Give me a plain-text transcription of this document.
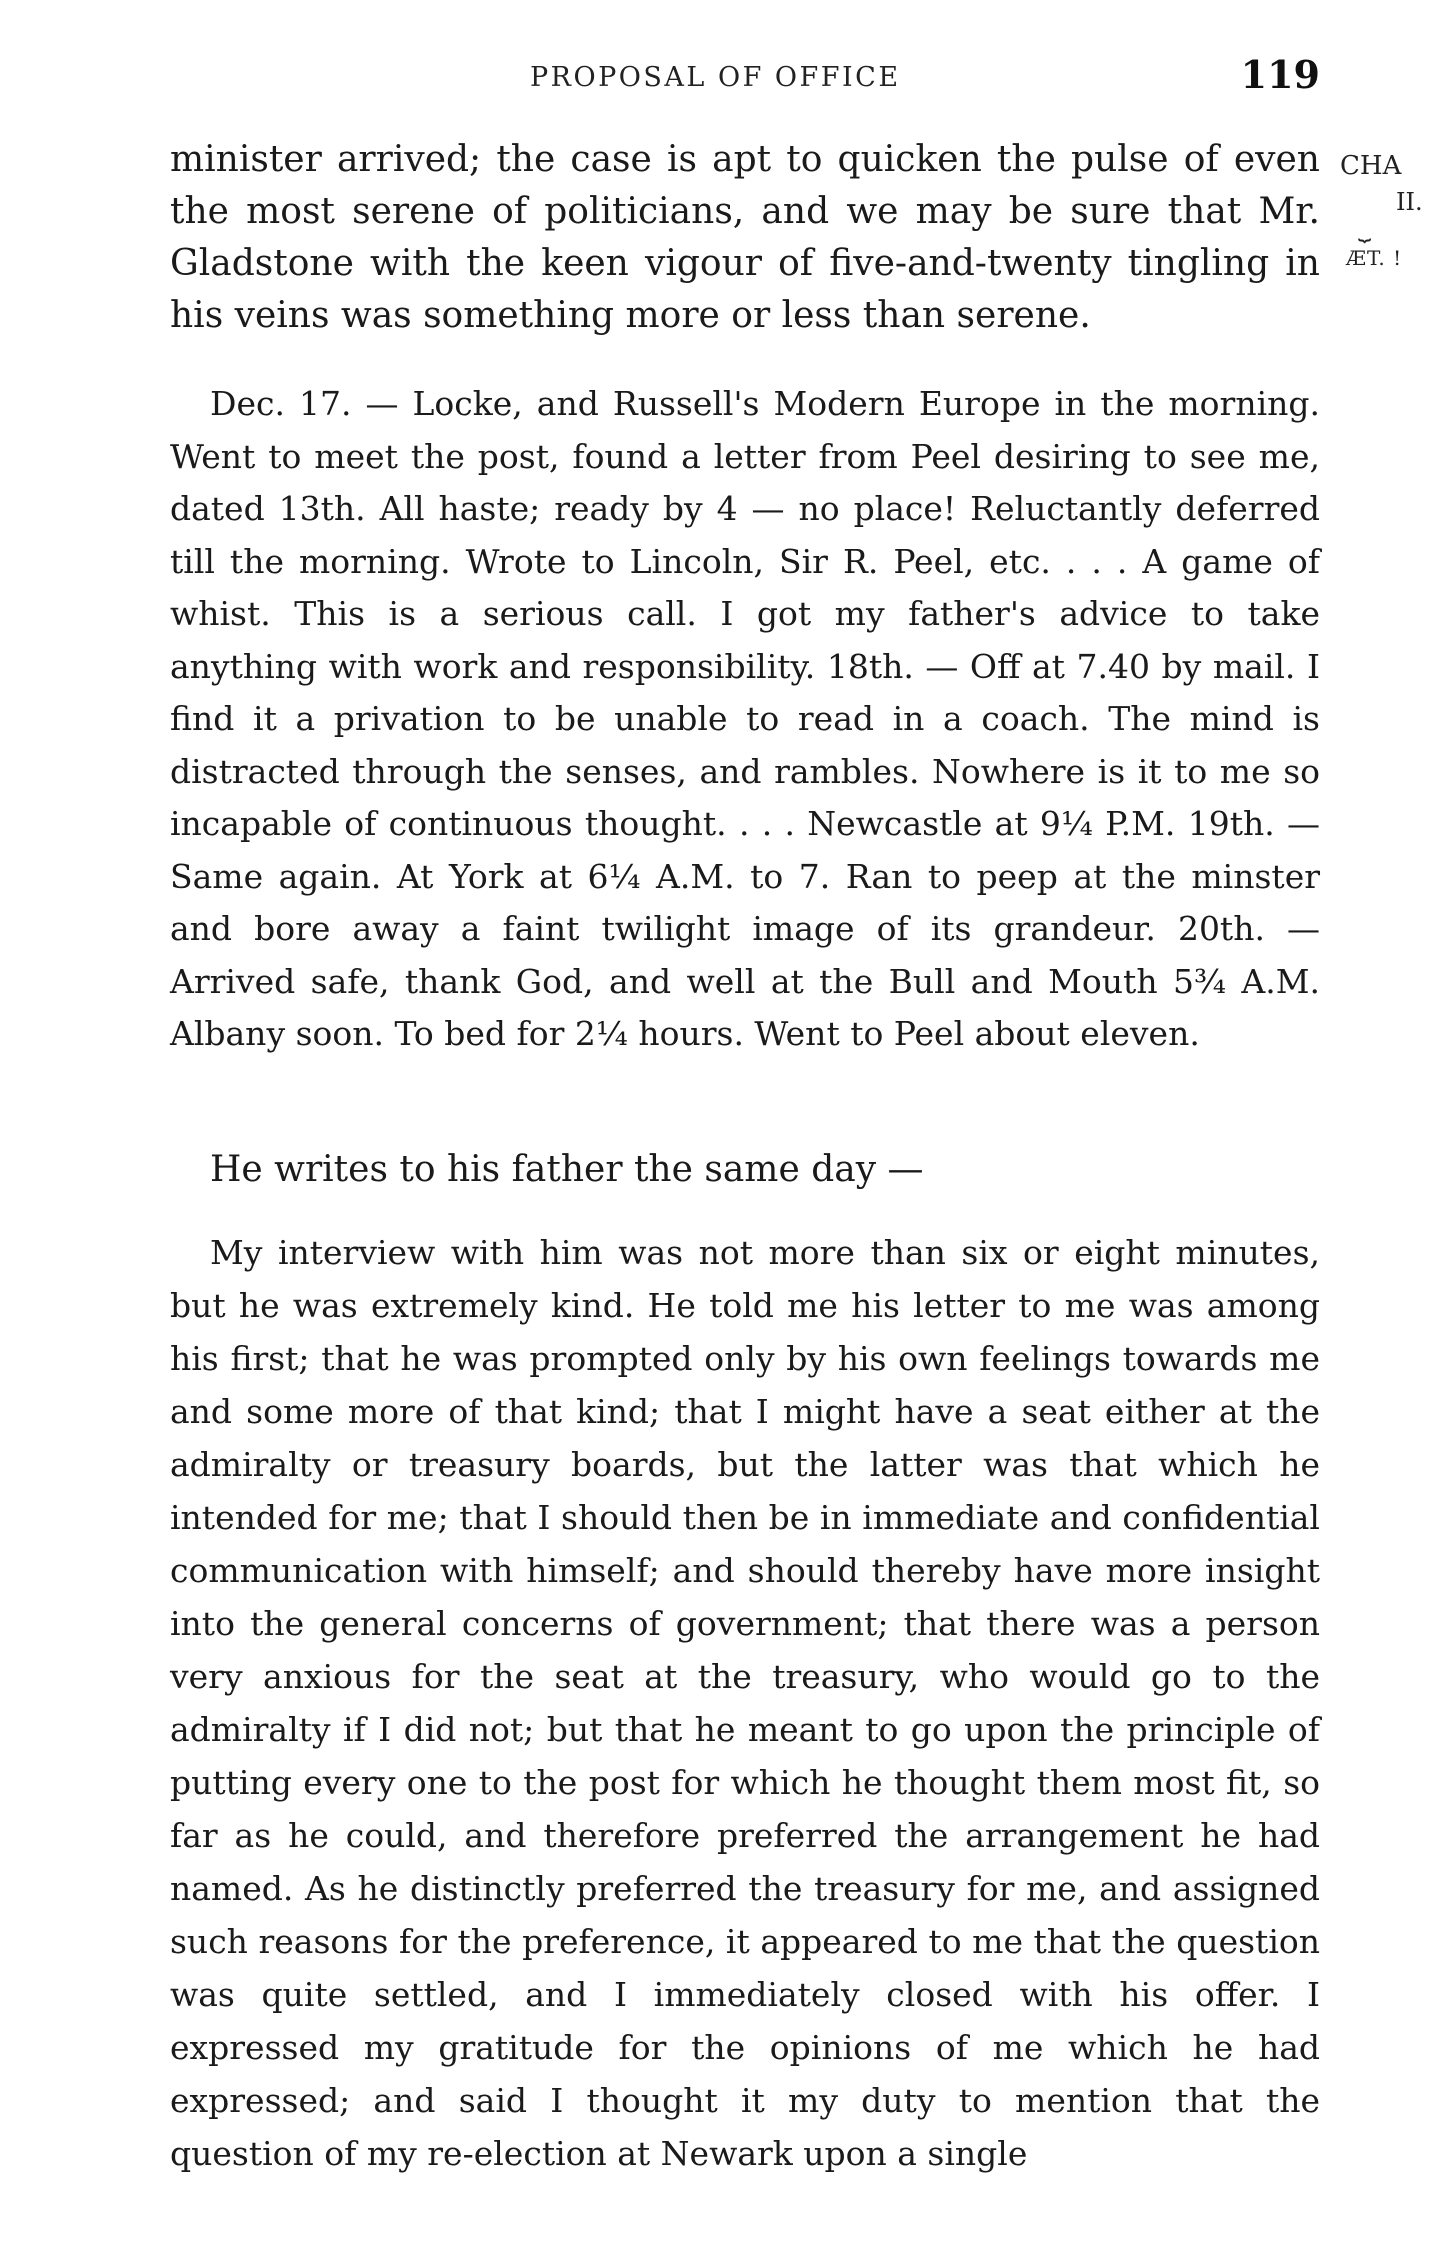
PROPOSAL OF OFFICE	119
CHA
II.
⏟
ÆT. !

minister arrived; the case is apt to quicken the pulse of even the most serene of politicians, and we may be sure that Mr. Gladstone with the keen vigour of five-and-twenty tingling in his veins was something more or less than serene.

Dec. 17. — Locke, and Russell's Modern Europe in the morning. Went to meet the post, found a letter from Peel desiring to see me, dated 13th. All haste; ready by 4 — no place! Reluctantly deferred till the morning. Wrote to Lincoln, Sir R. Peel, etc. . . . A game of whist. This is a serious call. I got my father's advice to take anything with work and responsibility. 18th. — Off at 7.40 by mail. I find it a privation to be unable to read in a coach. The mind is distracted through the senses, and rambles. Nowhere is it to me so incapable of continuous thought. . . . Newcastle at 9¼ P.M. 19th. — Same again. At York at 6¼ A.M. to 7. Ran to peep at the minster and bore away a faint twilight image of its grandeur. 20th. — Arrived safe, thank God, and well at the Bull and Mouth 5¾ A.M. Albany soon. To bed for 2¼ hours. Went to Peel about eleven.

He writes to his father the same day —

My interview with him was not more than six or eight minutes, but he was extremely kind. He told me his letter to me was among his first; that he was prompted only by his own feelings towards me and some more of that kind; that I might have a seat either at the admiralty or treasury boards, but the latter was that which he intended for me; that I should then be in immediate and confidential communication with himself; and should thereby have more insight into the general concerns of government; that there was a person very anxious for the seat at the treasury, who would go to the admiralty if I did not; but that he meant to go upon the principle of putting every one to the post for which he thought them most fit, so far as he could, and therefore preferred the arrangement he had named. As he distinctly preferred the treasury for me, and assigned such reasons for the preference, it appeared to me that the question was quite settled, and I immediately closed with his offer. I expressed my gratitude for the opinions of me which he had expressed; and said I thought it my duty to mention that the question of my re-election at Newark upon a single
